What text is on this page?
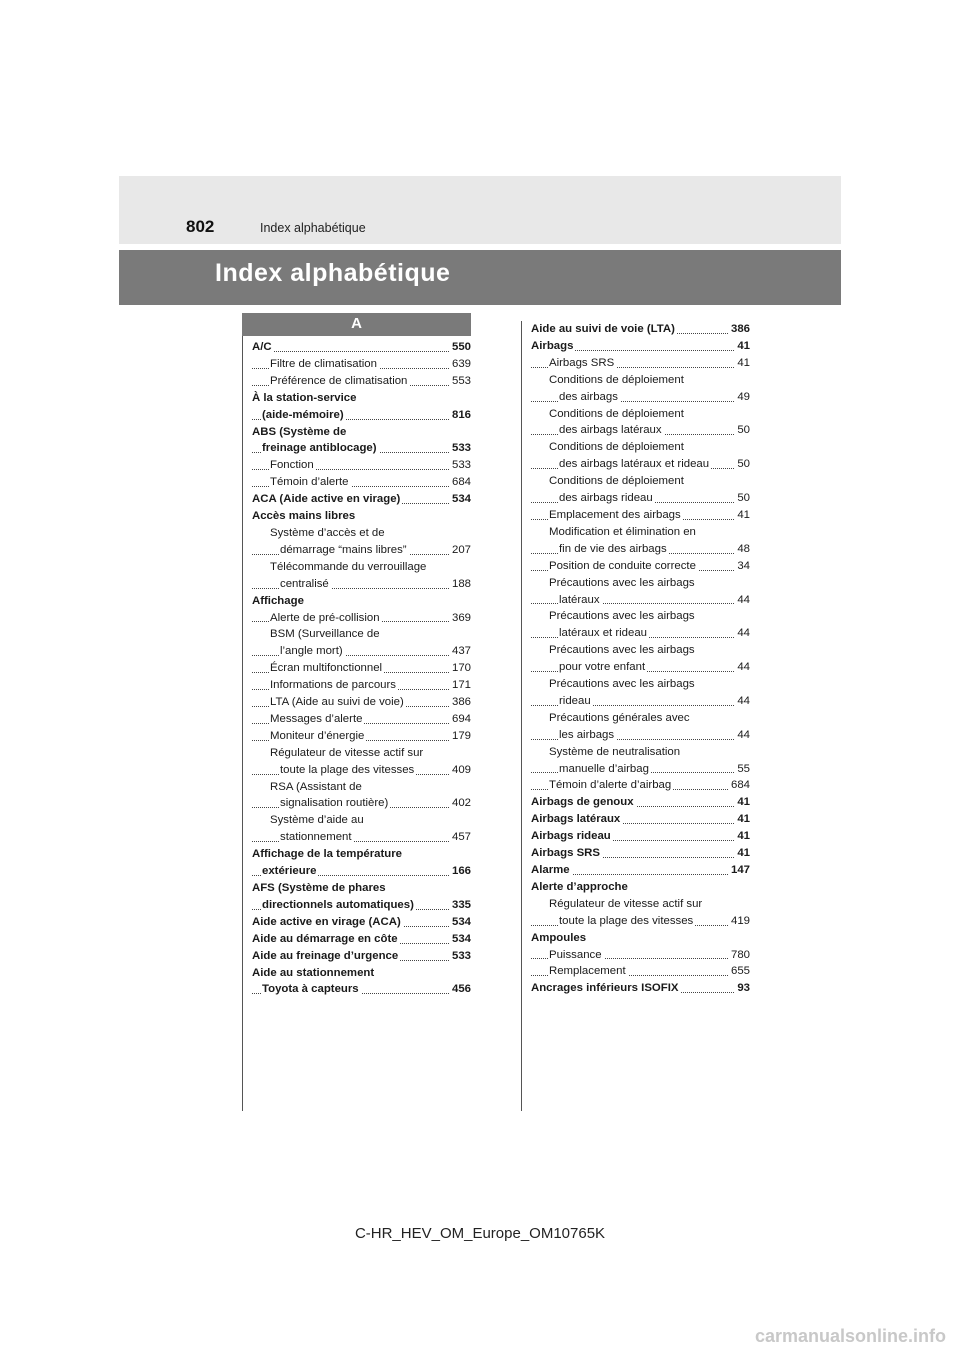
802	Index alphabétique
Index alphabétique
A
A/C	550
Filtre de climatisation	639
Préférence de climatisation	553
À la station-service
(aide-mémoire)	816
ABS (Système de
freinage antiblocage)	533
Fonction	533
Témoin d’alerte	684
ACA (Aide active en virage)	534
Accès mains libres
Système d’accès et de
démarrage “mains libres”	207
Télécommande du verrouillage
centralisé	188
Affichage
Alerte de pré-collision	369
BSM (Surveillance de
l’angle mort)	437
Écran multifonctionnel	170
Informations de parcours	171
LTA (Aide au suivi de voie)	386
Messages d’alerte	694
Moniteur d’énergie	179
Régulateur de vitesse actif sur
toute la plage des vitesses	409
RSA (Assistant de
signalisation routière)	402
Système d’aide au
stationnement	457
Affichage de la température
extérieure	166
AFS (Système de phares
directionnels automatiques)	335
Aide active en virage (ACA)	534
Aide au démarrage en côte	534
Aide au freinage d’urgence	533
Aide au stationnement
Toyota à capteurs	456
Aide au suivi de voie (LTA)	386
Airbags	41
Airbags SRS	41
Conditions de déploiement
des airbags	49
Conditions de déploiement
des airbags latéraux	50
Conditions de déploiement
des airbags latéraux et rideau 50
Conditions de déploiement
des airbags rideau	50
Emplacement des airbags	41
Modification et élimination en
fin de vie des airbags	48
Position de conduite correcte	34
Précautions avec les airbags
latéraux	44
Précautions avec les airbags
latéraux et rideau	44
Précautions avec les airbags
pour votre enfant	44
Précautions avec les airbags
rideau	44
Précautions générales avec
les airbags	44
Système de neutralisation
manuelle d’airbag	55
Témoin d’alerte d’airbag	684
Airbags de genoux	41
Airbags latéraux	41
Airbags rideau	41
Airbags SRS	41
Alarme	147
Alerte d’approche
Régulateur de vitesse actif sur
toute la plage des vitesses	419
Ampoules
Puissance	780
Remplacement	655
Ancrages inférieurs ISOFIX	93
C-HR_HEV_OM_Europe_OM10765K
carmanualsonline.info
